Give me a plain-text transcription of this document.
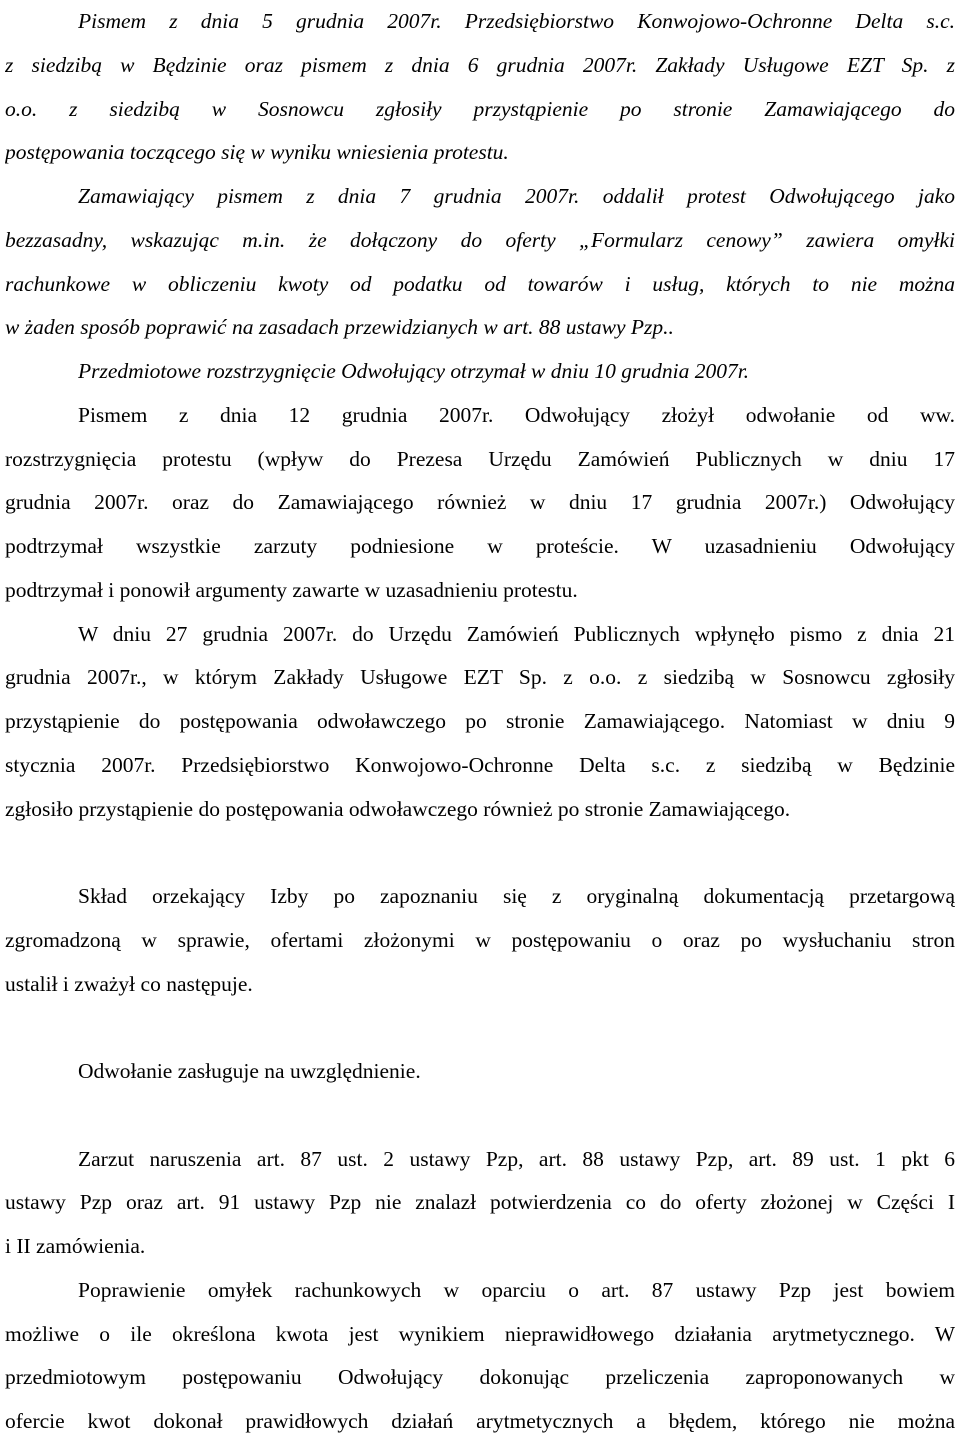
Pismem z dnia 5 grudnia 2007r. Przedsiębiorstwo Konwojowo-Ochronne Delta s.c.
z siedzibą w Będzinie oraz pismem z dnia 6 grudnia 2007r. Zakłady Usługowe EZT Sp. z
o.o. z siedzibą w Sosnowcu zgłosiły przystąpienie po stronie Zamawiającego do
postępowania toczącego się w wyniku wniesienia protestu.
Zamawiający pismem z dnia 7 grudnia 2007r. oddalił protest Odwołującego jako
bezzasadny, wskazując m.in. że dołączony do oferty „Formularz cenowy” zawiera omyłki
rachunkowe w obliczeniu kwoty od podatku od towarów i usług, których to nie można
w żaden sposób poprawić na zasadach przewidzianych w art. 88 ustawy Pzp..
Przedmiotowe rozstrzygnięcie Odwołujący otrzymał w dniu 10 grudnia 2007r.
Pismem z dnia 12 grudnia 2007r. Odwołujący złożył odwołanie od ww.
rozstrzygnięcia protestu (wpływ do Prezesa Urzędu Zamówień Publicznych w dniu 17
grudnia 2007r. oraz do Zamawiającego również w dniu 17 grudnia 2007r.) Odwołujący
podtrzymał wszystkie zarzuty podniesione w proteście. W uzasadnieniu Odwołujący
podtrzymał i ponowił argumenty zawarte w uzasadnieniu protestu.
W dniu 27 grudnia 2007r. do Urzędu Zamówień Publicznych wpłynęło pismo z dnia 21
grudnia 2007r., w którym Zakłady Usługowe EZT Sp. z o.o. z siedzibą w Sosnowcu zgłosiły
przystąpienie do postępowania odwoławczego po stronie Zamawiającego. Natomiast w dniu 9
stycznia 2007r. Przedsiębiorstwo Konwojowo-Ochronne Delta s.c. z siedzibą w Będzinie
zgłosiło przystąpienie do postępowania odwoławczego również po stronie Zamawiającego.
Skład orzekający Izby po zapoznaniu się z oryginalną dokumentacją przetargową
zgromadzoną w sprawie, ofertami złożonymi w postępowaniu o oraz po wysłuchaniu stron
ustalił i zważył co następuje.
Odwołanie zasługuje na uwzględnienie.
Zarzut naruszenia art. 87 ust. 2 ustawy Pzp, art. 88 ustawy Pzp, art. 89 ust. 1 pkt 6
ustawy Pzp oraz art. 91 ustawy Pzp nie znalazł potwierdzenia co do oferty złożonej w Części I
i II zamówienia.
Poprawienie omyłek rachunkowych w oparciu o art. 87 ustawy Pzp jest bowiem
możliwe o ile określona kwota jest wynikiem nieprawidłowego działania arytmetycznego. W
przedmiotowym postępowaniu Odwołujący dokonując przeliczenia zaproponowanych w
ofercie kwot dokonał prawidłowych działań arytmetycznych a błędem, którego nie można
